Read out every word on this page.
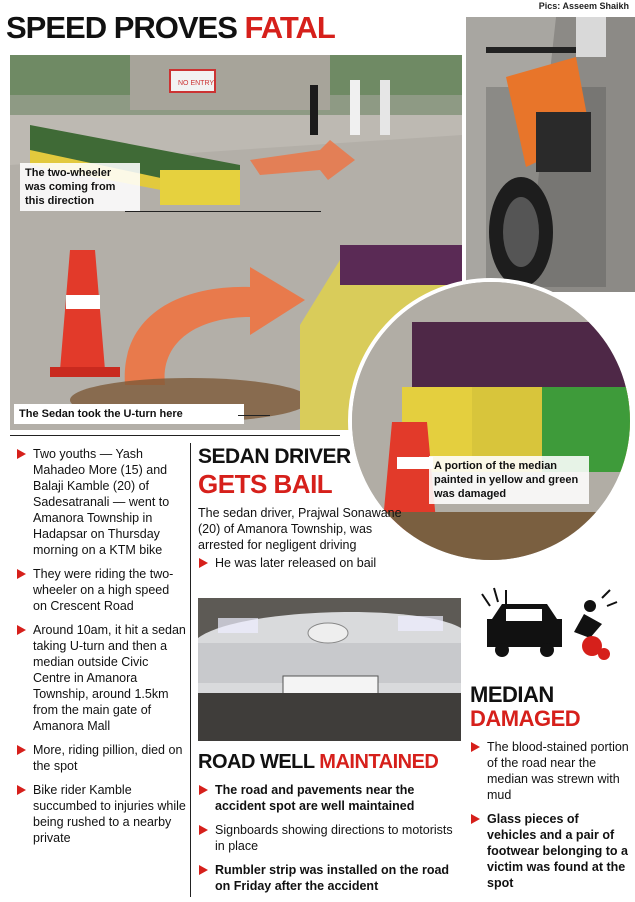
Pics: Asseem Shaikh
SPEED PROVES FATAL
NO ENTRY
The two-wheeler was coming from this direction
The Sedan took the U-turn here
A portion of the median painted in yellow and green was damaged
Two youths — Yash Mahadeo More (15) and Balaji Kamble (20) of Sadesatranali — went to Amanora Township in Hadapsar on Thursday morning on a KTM bike
They were riding the two-wheeler on a high speed on Crescent Road
Around 10am, it hit a sedan taking U-turn and then a median outside Civic Centre in Amanora Township, around 1.5km from the main gate of Amanora Mall
More, riding pillion, died on the spot
Bike rider Kamble succumbed to injuries while being rushed to a nearby private
SEDAN DRIVER
GETS BAIL
The sedan driver, Prajwal Sonawane (20) of Amanora Township, was arrested for negligent driving
He was later released on bail
ROAD WELL MAINTAINED
The road and pavements near the accident spot are well maintained
Signboards showing directions to motorists in place
Rumbler strip was installed on the road on Friday after the accident
MEDIAN
DAMAGED
The blood-stained portion of the road near the median was strewn with mud
Glass pieces of vehicles and a pair of footwear belonging to a victim was found at the spot
